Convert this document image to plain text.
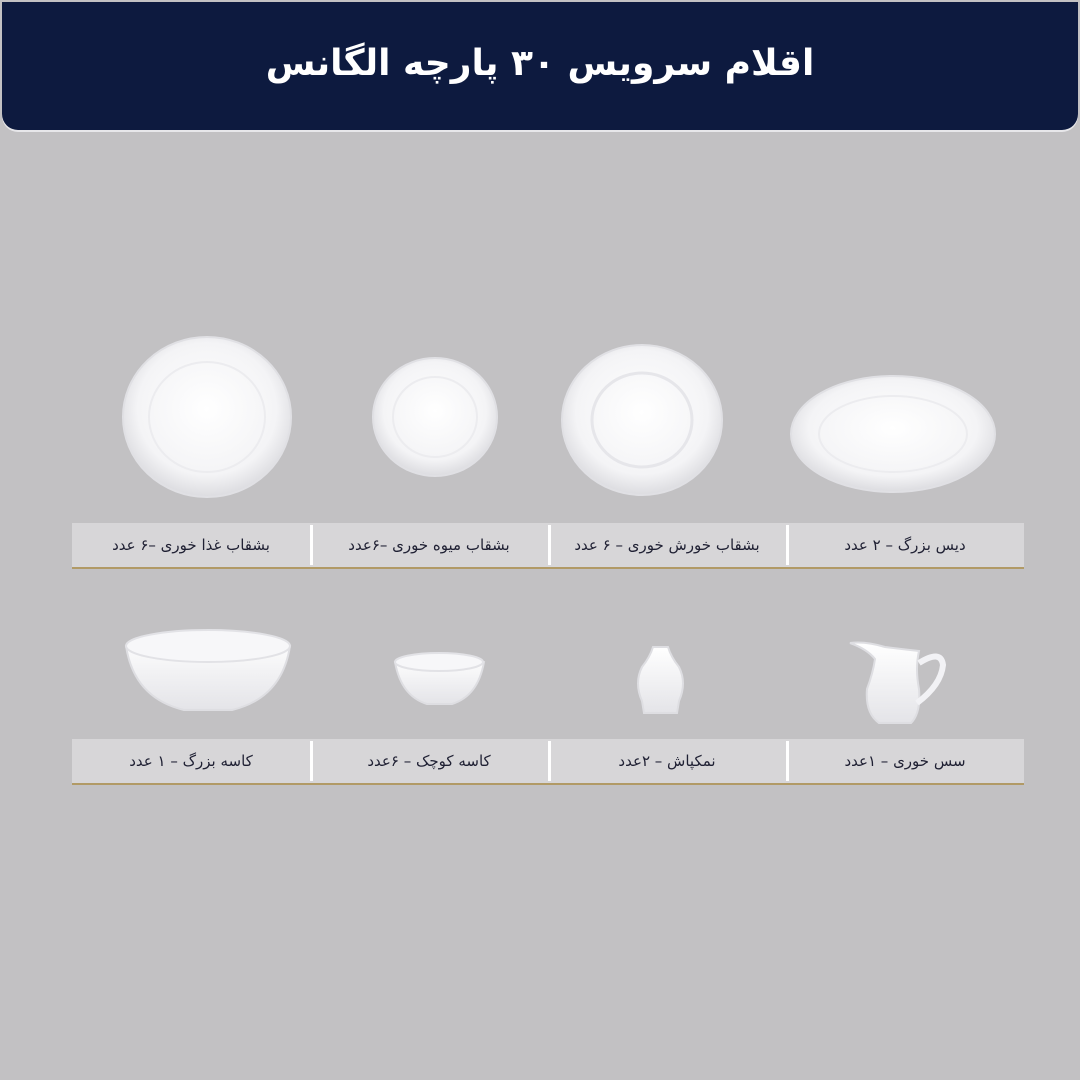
اقلام سرویس ۳۰ پارچه الگانس
بشقاب غذا خوری –۶ عدد	بشقاب میوه خوری –۶عدد	بشقاب خورش خوری – ۶ عدد	دیس بزرگ – ۲ عدد
کاسه بزرگ – ۱ عدد	کاسه کوچک – ۶عدد	نمکپاش – ۲عدد	سس خوری – ۱عدد
